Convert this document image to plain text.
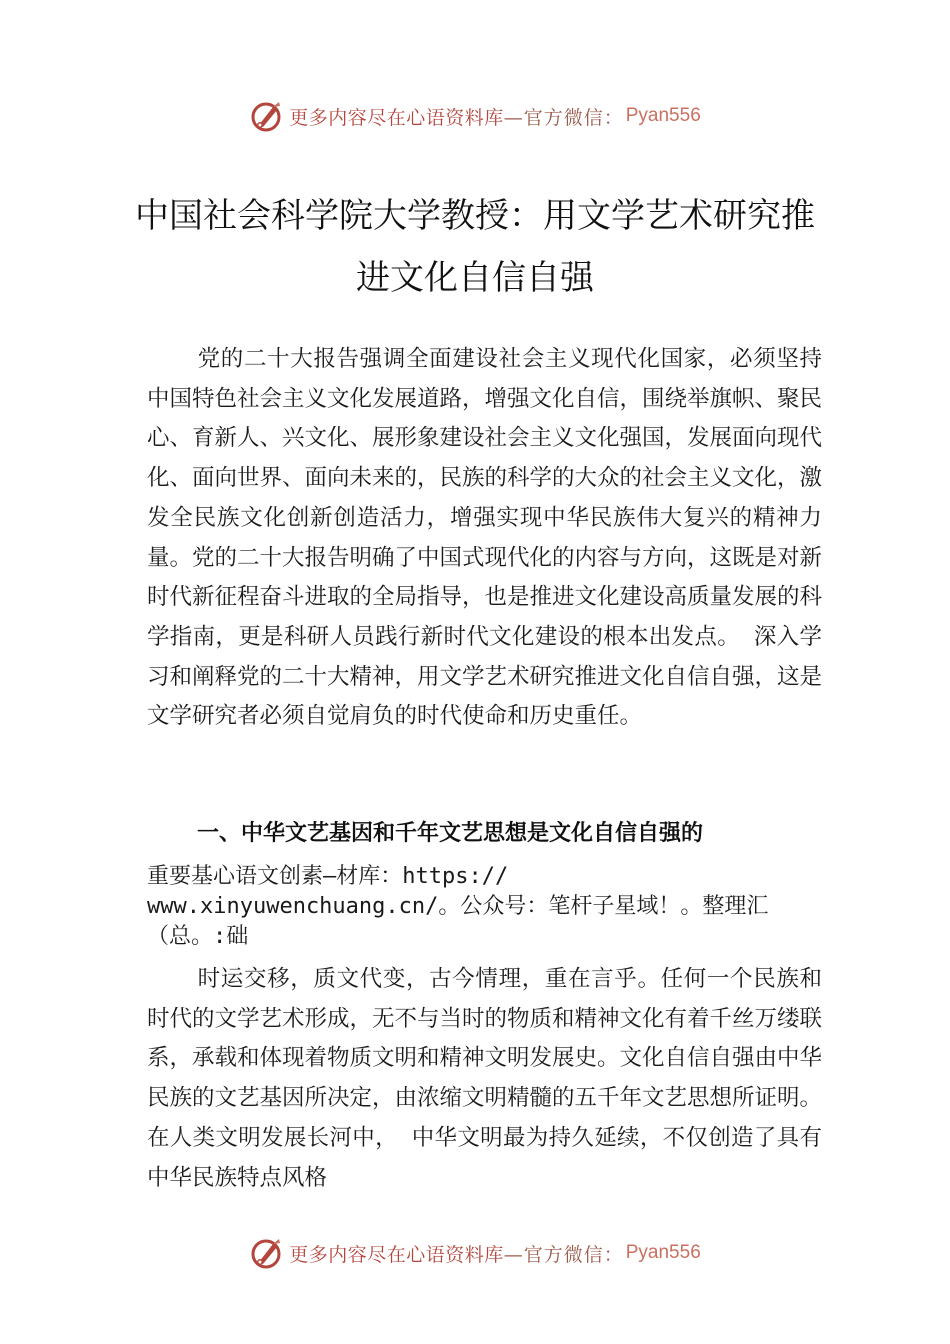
更多内容尽在心语资料库 —官方微信： Pyan556
中国社会科学院大学教授：用文学艺术研究推进文化自信自强

党的二十大报告强调全面建设社会主义现代化国家，必须坚持中国特色社会主义文化发展道路，增强文化自信，围绕举旗帜、聚民心、育新人、兴文化、展形象建设社会主义文化强国，发展面向现代化、面向世界、面向未来的，民族的科学的大众的社会主义文化，激发全民族文化创新创造活力，增强实现中华民族伟大复兴的精神力量。党的二十大报告明确了中国式现代化的内容与方向，这既是对新时代新征程奋斗进取的全局指导，也是推进文化建设高质量发展的科学指南，更是科研人员践行新时代文化建设的根本出发点。 深入学习和阐释党的二十大精神，用文学艺术研究推进文化自信自强，这是文学研究者必须自觉肩负的时代使命和历史重任。

一、中华文艺基因和千年文艺思想是文化自信自强的
重要基心语文创素—材库：https://
www.xinyuwenchuang.cn/。公众号：笔杆子星域！。整理汇
（总。:础

时运交移，质文代变，古今情理，重在言乎。任何一个民族和时代的文学艺术形成，无不与当时的物质和精神文化有着千丝万缕联系，承载和体现着物质文明和精神文明发展史。文化自信自强由中华民族的文艺基因所决定，由浓缩文明精髓的五千年文艺思想所证明。在人类文明发展长河中， 中华文明最为持久延续，不仅创造了具有中华民族特点风格

更多内容尽在心语资料库 —官方微信： Pyan556
